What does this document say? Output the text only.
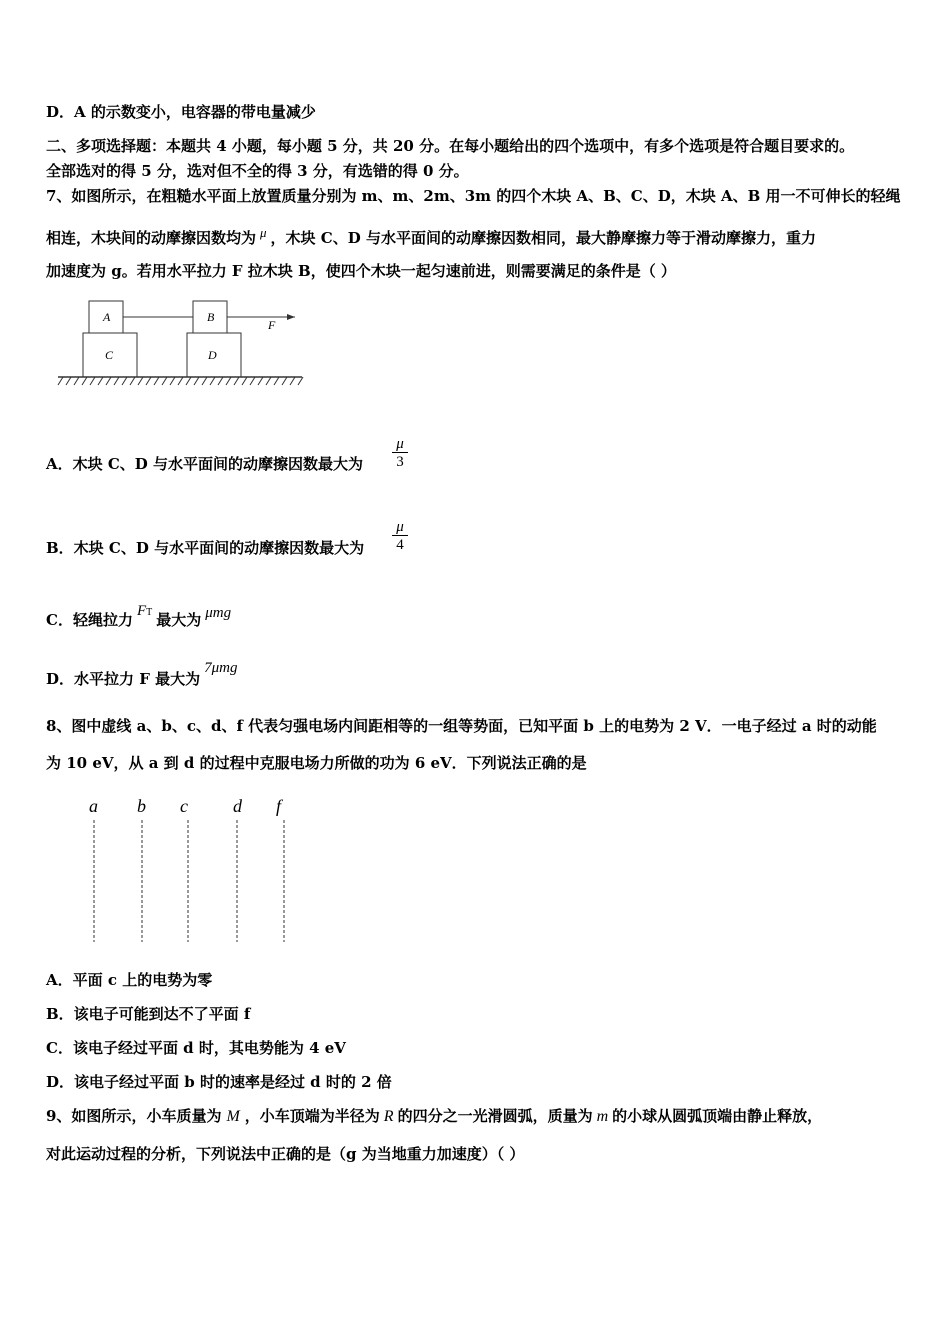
D．A 的示数变小，电容器的带电量减少
二、多项选择题：本题共 4 小题，每小题 5 分，共 20 分。在每小题给出的四个选项中，有多个选项是符合题目要求的。
全部选对的得 5 分，选对但不全的得 3 分，有选错的得 0 分。
7、如图所示，在粗糙水平面上放置质量分别为 m、m、2m、3m 的四个木块 A、B、C、D，木块 A、B 用一不可伸长的轻绳
相连，木块间的动摩擦因数均为 μ ，木块 C、D 与水平面间的动摩擦因数相同，最大静摩擦力等于滑动摩擦力，重力
加速度为 g。若用水平拉力 F 拉木块 B，使四个木块一起匀速前进，则需要满足的条件是（ ）
A
C
B
D
F
A．木块 C、D 与水平面间的动摩擦因数最大为 $\frac{\mu}{3}$
B．木块 C、D 与水平面间的动摩擦因数最大为 $\frac{\mu}{4}$
C．轻绳拉力 FT 最大为 μmg
D．水平拉力 F 最大为7μmg
8、图中虚线 a、b、c、d、f 代表匀强电场内间距相等的一组等势面，已知平面 b 上的电势为 2 V．一电子经过 a 时的动能
为 10 eV，从 a 到 d 的过程中克服电场力所做的功为 6 eV．下列说法正确的是
a b c	d f
A．平面 c 上的电势为零
B．该电子可能到达不了平面 f
C．该电子经过平面 d 时，其电势能为 4 eV
D．该电子经过平面 b 时的速率是经过 d 时的 2 倍
9、如图所示，小车质量为 M ，小车顶端为半径为 R 的四分之一光滑圆弧，质量为 m 的小球从圆弧顶端由静止释放，
对此运动过程的分析，下列说法中正确的是（g 为当地重力加速度）（ ）
